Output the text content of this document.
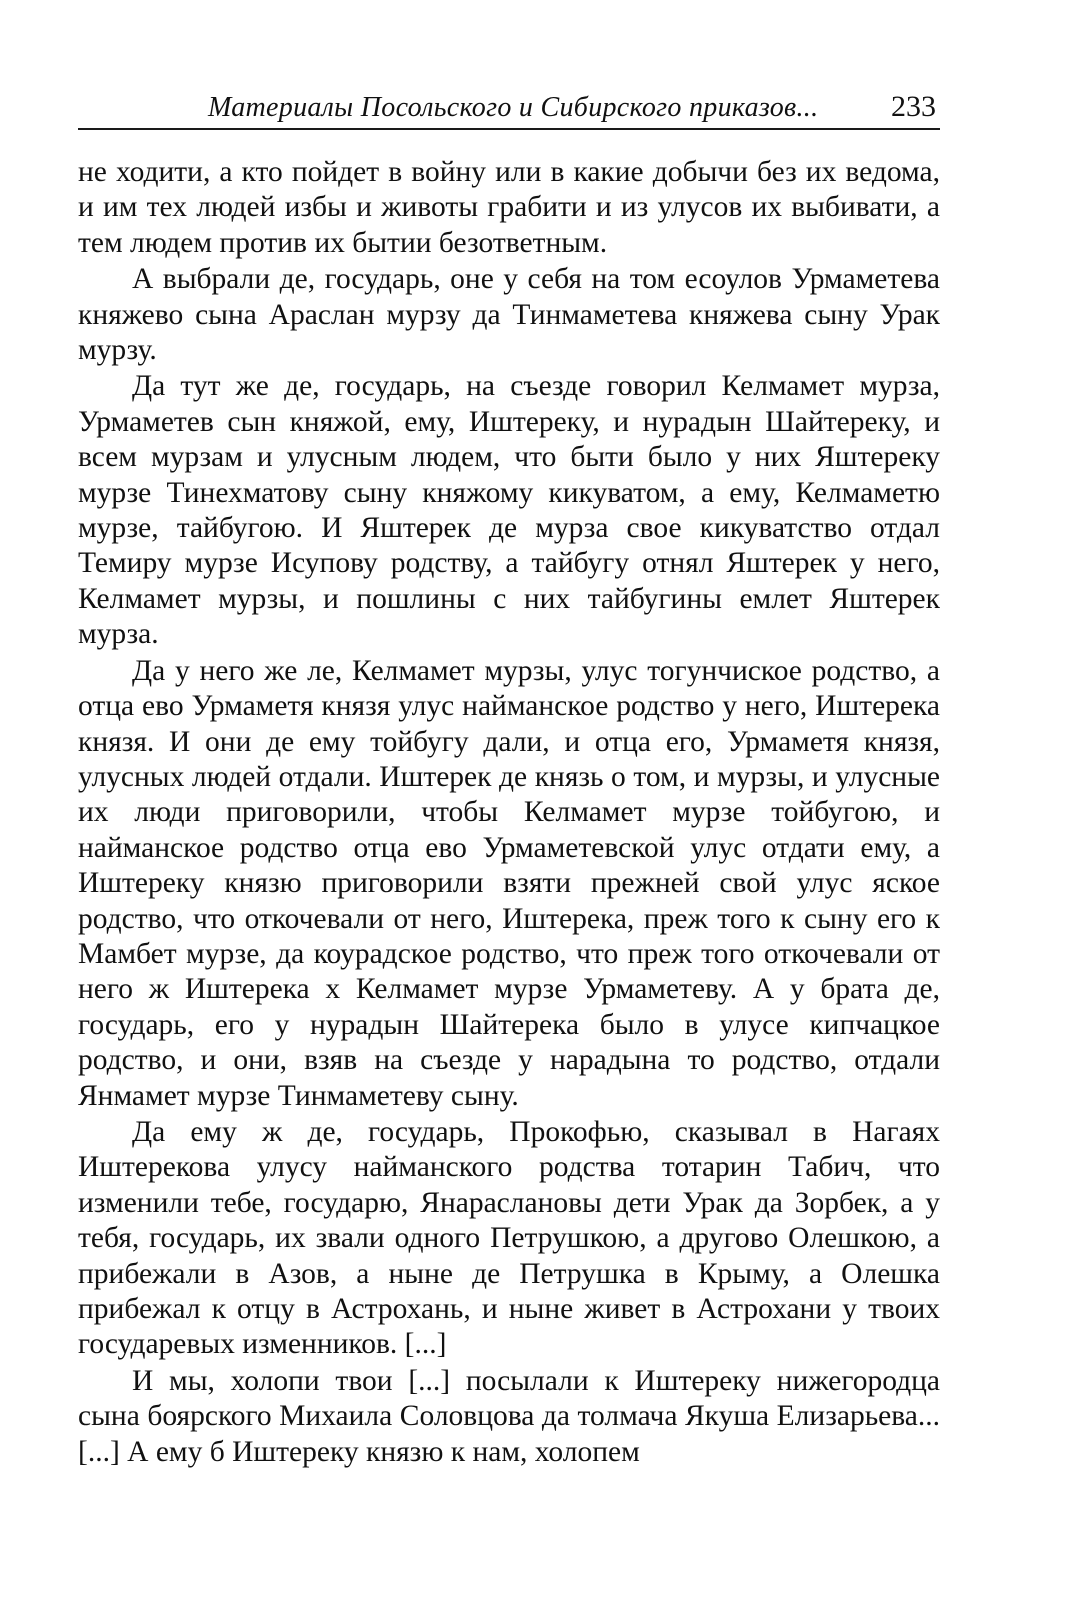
Материалы Посольского и Сибирского приказов... 233

не ходити, а кто пойдет в войну или в какие добычи без их ведома, и им тех людей избы и животы грабити и из улусов их выбивати, а тем людем против их бытии безответным.

А выбрали де, государь, оне у себя на том есоулов Урмаметева княжево сына Араслан мурзу да Тинмаметева княжева сыну Урак мурзу.

Да тут же де, государь, на съезде говорил Келмамет мурза, Урмаметев сын княжой, ему, Иштереку, и нурадын Шайтереку, и всем мурзам и улусным людем, что быти было у них Яштереку мурзе Тинехматову сыну княжому кикуватом, а ему, Келмаметю мурзе, тайбугою. И Яштерек де мурза свое кикуватство отдал Темиру мурзе Исупову родству, а тайбугу отнял Яштерек у него, Келмамет мурзы, и пошлины с них тайбугины емлет Яштерек мурза.

Да у него же ле, Келмамет мурзы, улус тогунчиское родство, а отца ево Урмаметя князя улус найманское родство у него, Иштерека князя. И они де ему тойбугу дали, и отца его, Урмаметя князя, улусных людей отдали. Иштерек де князь о том, и мурзы, и улусные их люди приговорили, чтобы Келмамет мурзе тойбугою, и найманское родство отца ево Урмаметевской улус отдати ему, а Иштереку князю приговорили взяти прежней свой улус яское родство, что откочевали от него, Иштерека, преж того к сыну его к Мамбет мурзе, да коурадское родство, что преж того откочевали от него ж Иштерека х Келмамет мурзе Урмаметеву. А у брата де, государь, его у нурадын Шайтерека было в улусе кипчацкое родство, и они, взяв на съезде у нарадына то родство, отдали Янмамет мурзе Тинмаметеву сыну.

Да ему ж де, государь, Прокофью, сказывал в Нагаях Иштерекова улусу найманского родства тотарин Табич, что изменили тебе, государю, Янараслановы дети Урак да Зорбек, а у тебя, государь, их звали одного Петрушкою, а другово Олешкою, а прибежали в Азов, а ныне де Петрушка в Крыму, а Олешка прибежал к отцу в Астрохань, и ныне живет в Астрохани у твоих государевых изменников. [...]

И мы, холопи твои [...] посылали к Иштереку нижегородца сына боярского Михаила Соловцова да толмача Якуша Елизарьева... [...] А ему б Иштереку князю к нам, холопем
